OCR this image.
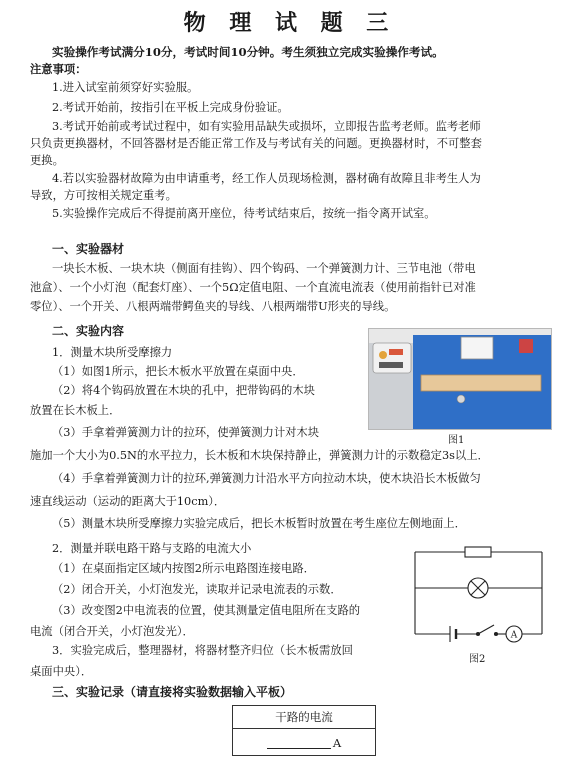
物 理 试 题 三
实验操作考试满分10分，考试时间10分钟。考生须独立完成实验操作考试。
注意事项：
1.进入试室前须穿好实验服。
2.考试开始前，按指引在平板上完成身份验证。
3.考试开始前或考试过程中，如有实验用品缺失或损坏，立即报告监考老师。监考老师
只负责更换器材，不回答器材是否能正常工作及与考试有关的问题。更换器材时，不可整套
更换。
4.若以实验器材故障为由申请重考，经工作人员现场检测，器材确有故障且非考生人为
导致，方可按相关规定重考。
5.实验操作完成后不得提前离开座位，待考试结束后，按统一指令离开试室。
一、实验器材
一块长木板、一块木块（侧面有挂钩）、四个钩码、一个弹簧测力计、三节电池（带电
池盒）、一个小灯泡（配套灯座）、一个5Ω定值电阻、一个直流电流表（使用前指针已对准
零位）、一个开关、八根两端带鳄鱼夹的导线、八根两端带U形夹的导线。
二、实验内容
1．测量木块所受摩擦力
（1）如图1所示，把长木板水平放置在桌面中央．
（2）将4个钩码放置在木块的孔中，把带钩码的木块
放置在长木板上．
（3）手拿着弹簧测力计的拉环，使弹簧测力计对木块
施加一个大小为0.5N的水平拉力，长木板和木块保持静止，弹簧测力计的示数稳定3s以上．
（4）手拿着弹簧测力计的拉环,弹簧测力计沿水平方向拉动木块，使木块沿长木板做匀
速直线运动（运动的距离大于10cm）．
（5）测量木块所受摩擦力实验完成后，把长木板暂时放置在考生座位左侧地面上．
图1
2．测量并联电路干路与支路的电流大小
（1）在桌面指定区域内按图2所示电路图连接电路．
（2）闭合开关，小灯泡发光，读取并记录电流表的示数．
（3）改变图2中电流表的位置，使其测量定值电阻所在支路的
电流（闭合开关，小灯泡发光）．
3．实验完成后，整理器材，将器材整齐归位（长木板需放回
桌面中央）．
A
图2
三、实验记录（请直接将实验数据输入平板）
干路的电流
A
